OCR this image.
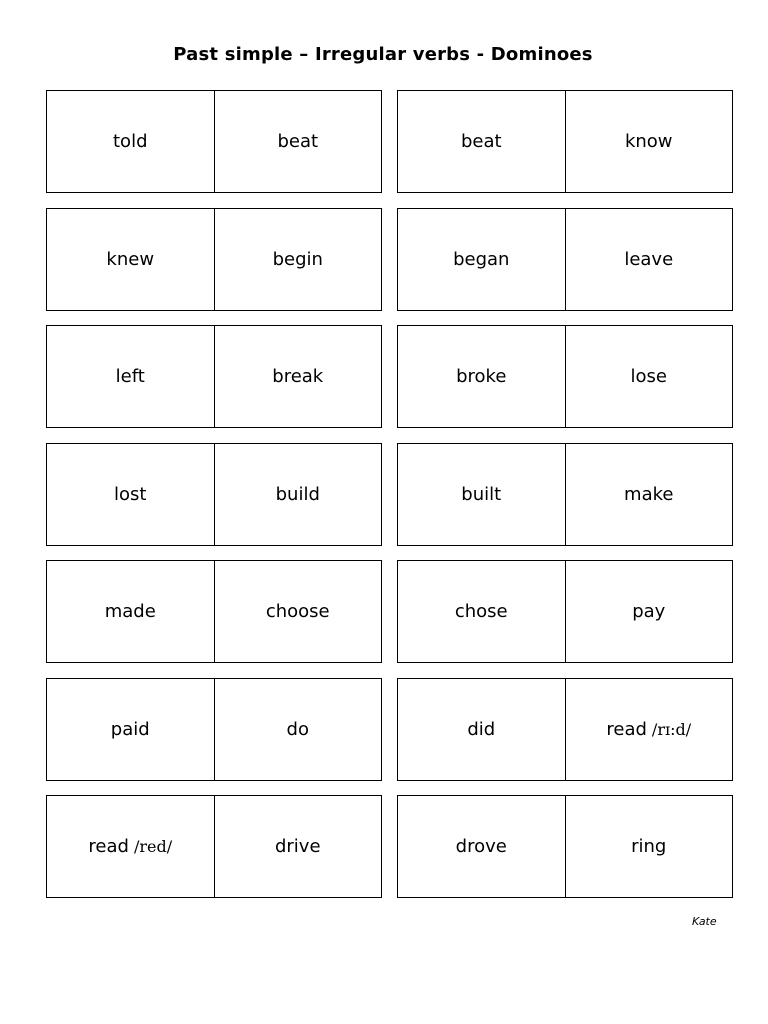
Past simple – Irregular verbs - Dominoes
told	beat	beat	know
knew	begin	began	leave
left	break	broke	lose
lost	build	built	make
made	choose	chose	pay
paid	do	did	read /rɪ:d/
read /red/	drive	drove	ring
Kate
